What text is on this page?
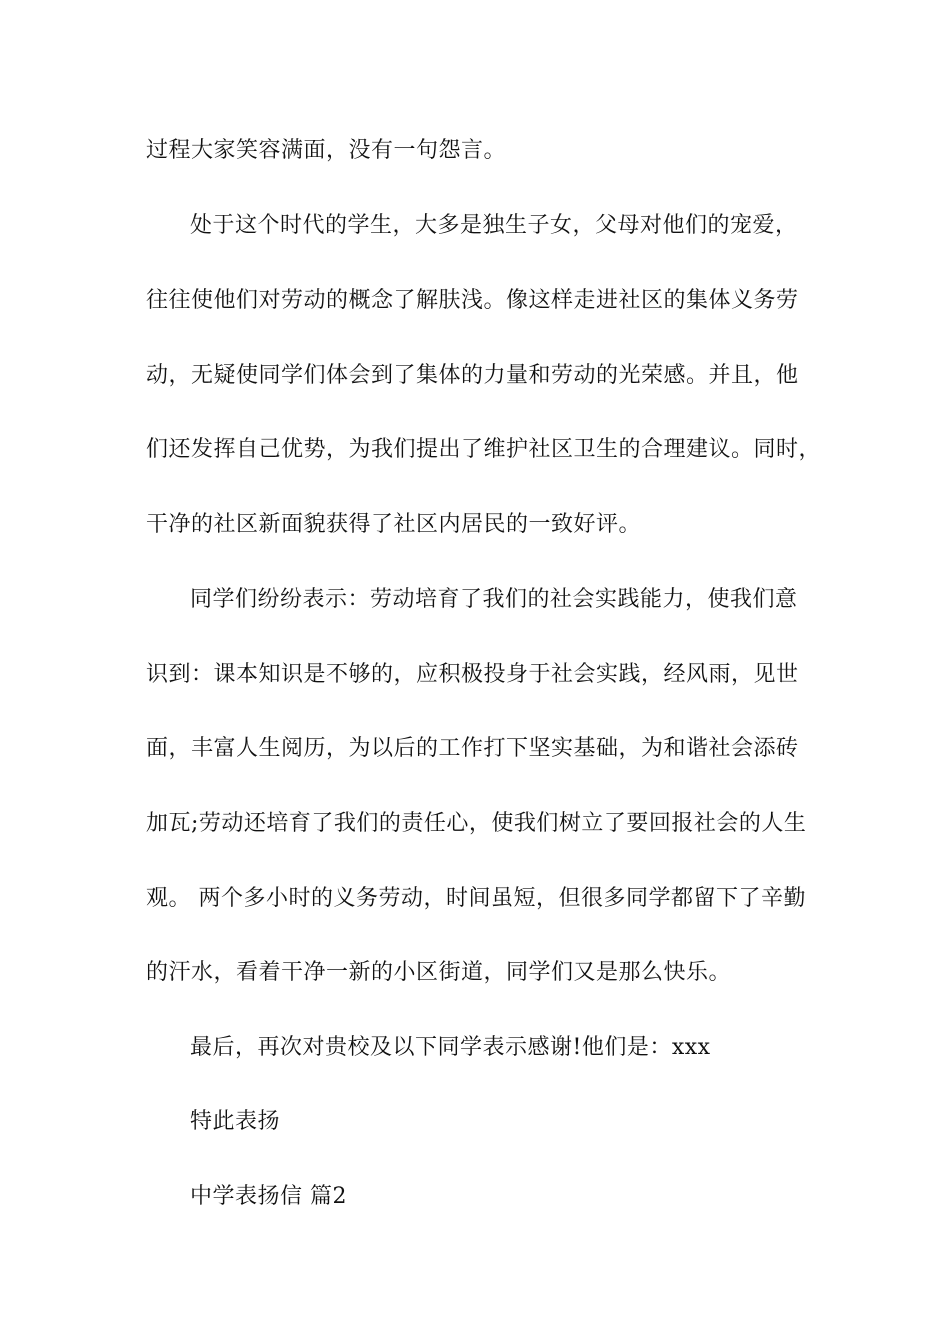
过程大家笑容满面，没有一句怨言。
处于这个时代的学生，大多是独生子女，父母对他们的宠爱，
往往使他们对劳动的概念了解肤浅。像这样走进社区的集体义务劳
动，无疑使同学们体会到了集体的力量和劳动的光荣感。并且，他
们还发挥自己优势，为我们提出了维护社区卫生的合理建议。同时，
干净的社区新面貌获得了社区内居民的一致好评。
同学们纷纷表示：劳动培育了我们的社会实践能力，使我们意
识到：课本知识是不够的，应积极投身于社会实践，经风雨，见世
面，丰富人生阅历，为以后的工作打下坚实基础，为和谐社会添砖
加瓦;劳动还培育了我们的责任心，使我们树立了要回报社会的人生
观。 两个多小时的义务劳动，时间虽短，但很多同学都留下了辛勤
的汗水，看着干净一新的小区街道，同学们又是那么快乐。
最后，再次对贵校及以下同学表示感谢!他们是：xxx
特此表扬
中学表扬信 篇2
